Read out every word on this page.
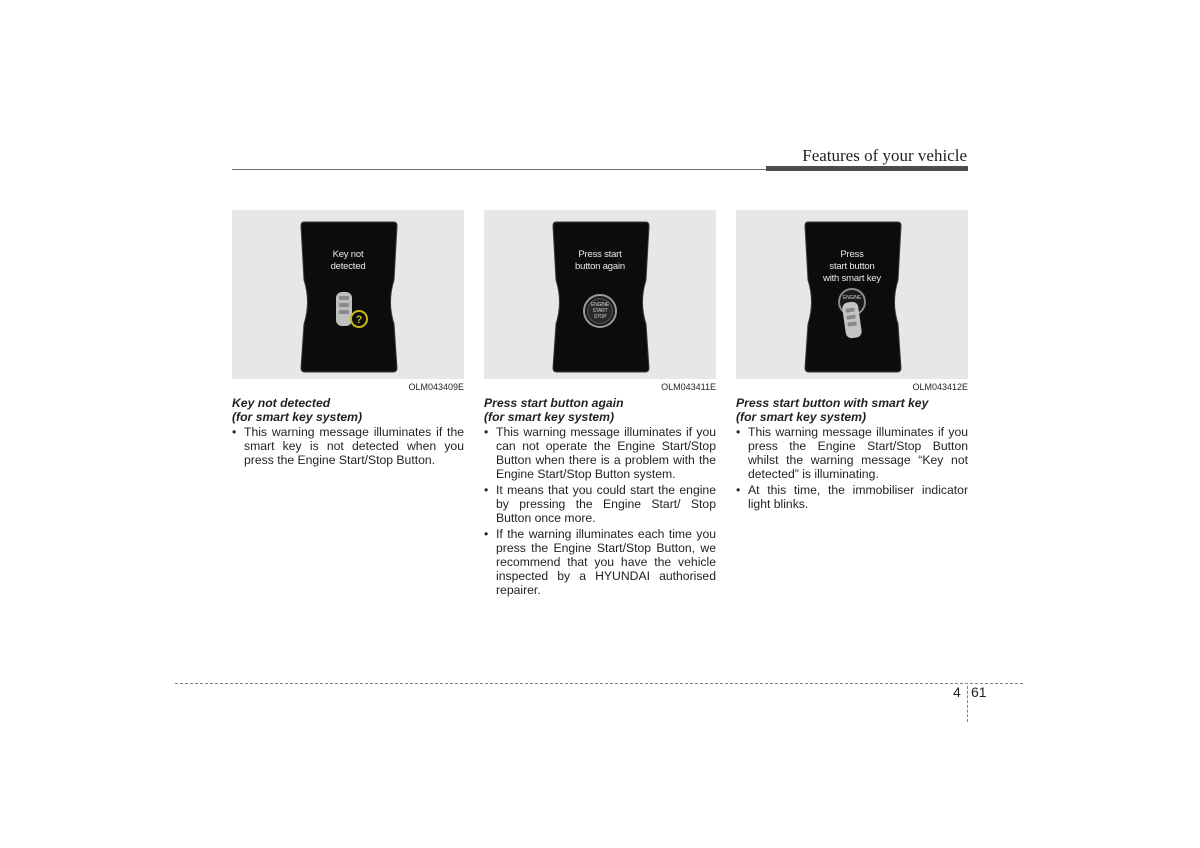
Features of your vehicle
Key not
detected
?
OLM043409E
Key not detected
(for smart key system)
• This warning message illuminates if the smart key is not detected when you press the Engine Start/Stop Button.
Press start
button again
ENGINE
START
STOP
OLM043411E
Press start button again
(for smart key system)
• This warning message illuminates if you can not operate the Engine Start/Stop Button when there is a problem with the Engine Start/Stop Button system.
• It means that you could start the engine by pressing the Engine Start/ Stop Button once more.
• If the warning illuminates each time you press the Engine Start/Stop Button, we recommend that you have the vehicle inspected by a HYUNDAI authorised repairer.
Press
start button
with smart key
ENGINE
OLM043412E
Press start button with smart key
(for smart key system)
• This warning message illuminates if you press the Engine Start/Stop Button whilst the warning message “Key not detected” is illuminating.
• At this time, the immobiliser indicator light blinks.
4 61
